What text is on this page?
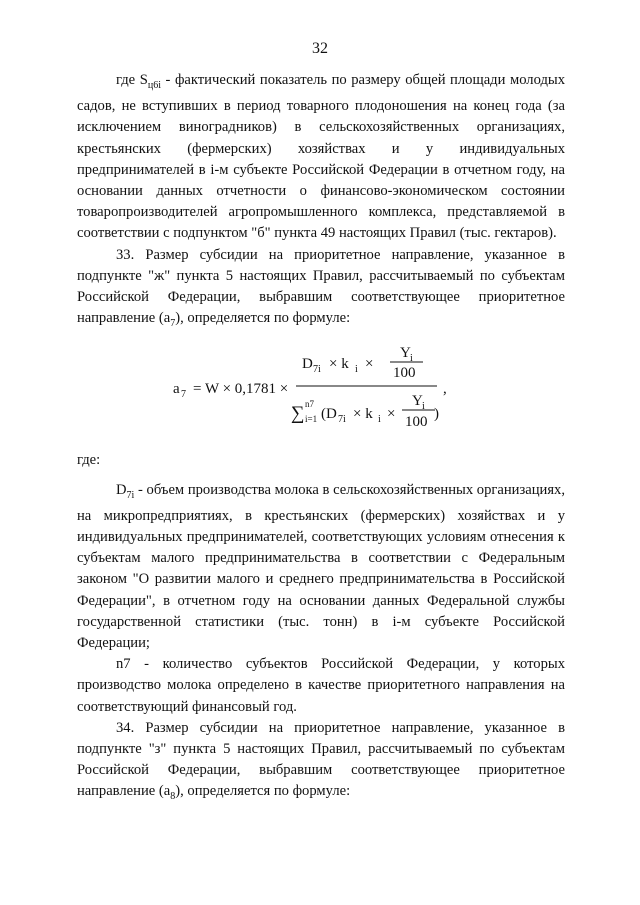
32

где $S_{ц6i}$ - фактический показатель по размеру общей площади молодых садов, не вступивших в период товарного плодоношения на конец года (за исключением виноградников) в сельскохозяйственных организациях, крестьянских (фермерских) хозяйствах и у индивидуальных предпринимателей в i-м субъекте Российской Федерации в отчетном году, на основании данных отчетности о финансово-экономическом состоянии товаропроизводителей агропромышленного комплекса, представляемой в соответствии с подпунктом "б" пункта 49 настоящих Правил (тыс. гектаров).

33. Размер субсидии на приоритетное направление, указанное в подпункте "ж" пункта 5 настоящих Правил, рассчитываемый по субъектам Российской Федерации, выбравшим соответствующее приоритетное направление $(a_7)$, определяется по формуле:

a 7 = W × 0,1781 ×
D 7i × k i ×
Y i
100
∑ n7
i=1 (D 7i × k i ×
Y i
100 )
,

где:

$D_{7i}$ - объем производства молока в сельскохозяйственных организациях, на микропредприятиях, в крестьянских (фермерских) хозяйствах и у индивидуальных предпринимателей, соответствующих условиям отнесения к субъектам малого предпринимательства в соответствии с Федеральным законом "О развитии малого и среднего предпринимательства в Российской Федерации", в отчетном году на основании данных Федеральной службы государственной статистики (тыс. тонн) в i-м субъекте Российской Федерации;

n7 - количество субъектов Российской Федерации, у которых производство молока определено в качестве приоритетного направления на соответствующий финансовый год.

34. Размер субсидии на приоритетное направление, указанное в подпункте "з" пункта 5 настоящих Правил, рассчитываемый по субъектам Российской Федерации, выбравшим соответствующее приоритетное направление $(a_8)$, определяется по формуле:
